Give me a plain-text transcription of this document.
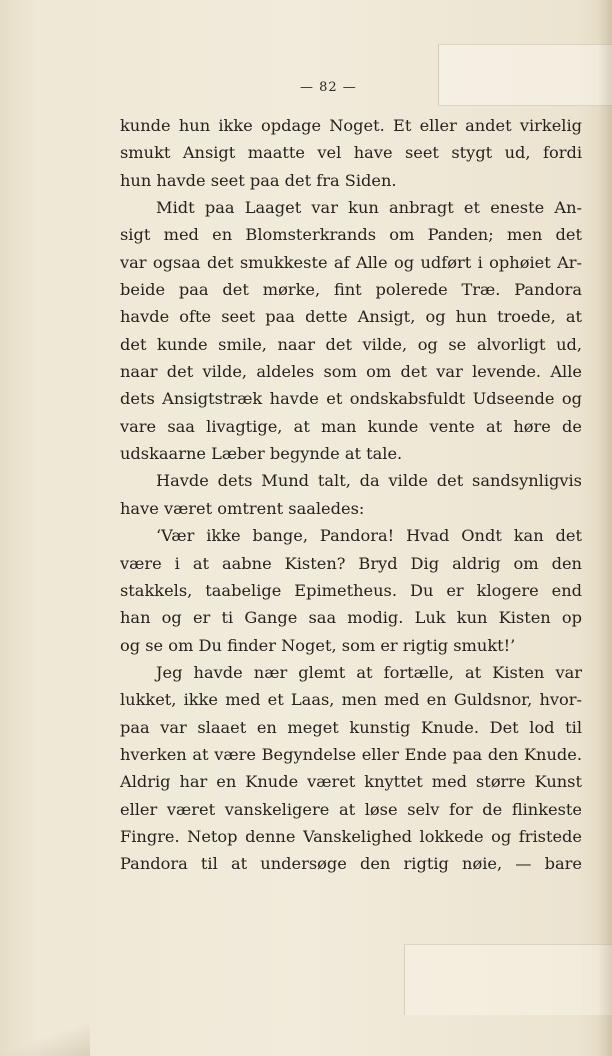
— 82 —
kunde hun ikke opdage Noget. Et eller andet virkelig
smukt Ansigt maatte vel have seet stygt ud, fordi
hun havde seet paa det fra Siden.
Midt paa Laaget var kun anbragt et eneste An-
sigt med en Blomsterkrands om Panden; men det
var ogsaa det smukkeste af Alle og udført i ophøiet Ar-
beide paa det mørke, fint polerede Træ. Pandora
havde ofte seet paa dette Ansigt, og hun troede, at
det kunde smile, naar det vilde, og se alvorligt ud,
naar det vilde, aldeles som om det var levende. Alle
dets Ansigtstræk havde et ondskabsfuldt Udseende og
vare saa livagtige, at man kunde vente at høre de
udskaarne Læber begynde at tale.
Havde dets Mund talt, da vilde det sandsynligvis
have været omtrent saaledes:
‘Vær ikke bange, Pandora! Hvad Ondt kan det
være i at aabne Kisten? Bryd Dig aldrig om den
stakkels, taabelige Epimetheus. Du er klogere end
han og er ti Gange saa modig. Luk kun Kisten op
og se om Du finder Noget, som er rigtig smukt!’
Jeg havde nær glemt at fortælle, at Kisten var
lukket, ikke med et Laas, men med en Guldsnor, hvor-
paa var slaaet en meget kunstig Knude. Det lod til
hverken at være Begyndelse eller Ende paa den Knude.
Aldrig har en Knude været knyttet med større Kunst
eller været vanskeligere at løse selv for de flinkeste
Fingre. Netop denne Vanskelighed lokkede og fristede
Pandora til at undersøge den rigtig nøie, — bare
